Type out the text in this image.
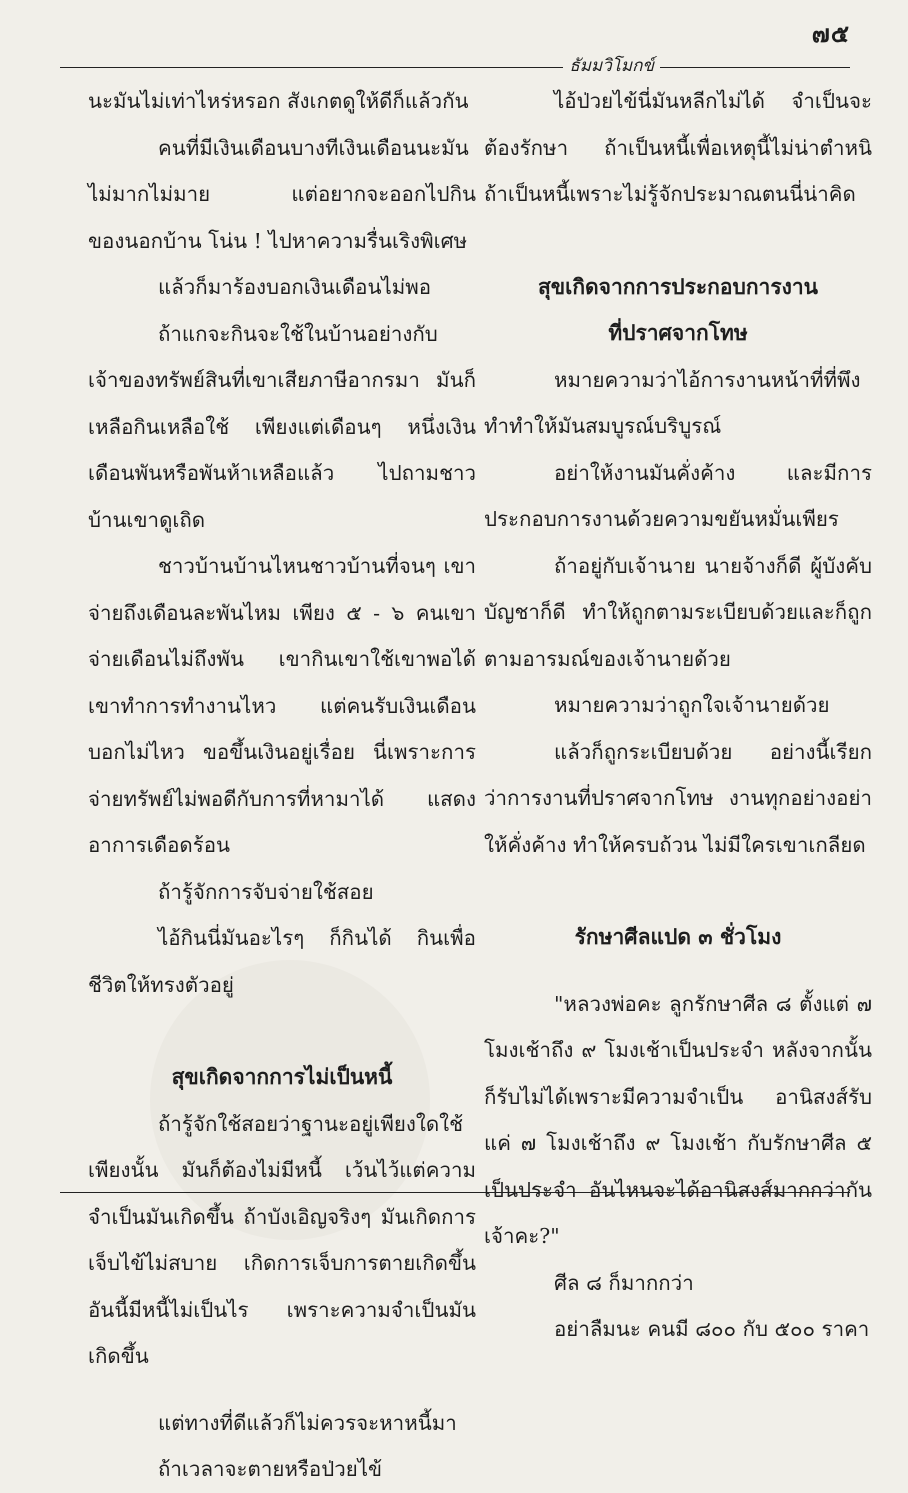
๗๕
ธัมมวิโมกข์

นะมันไม่เท่าไหร่หรอก สังเกตดูให้ดีก็แล้วกัน

คนที่มีเงินเดือนบางทีเงินเดือนนะมันไม่มากไม่มาย แต่อยากจะออกไปกินของนอกบ้าน โน่น ! ไปหาความรื่นเริงพิเศษ

แล้วก็มาร้องบอกเงินเดือนไม่พอ

ถ้าแกจะกินจะใช้ในบ้านอย่างกับเจ้าของทรัพย์สินที่เขาเสียภาษีอากรมา มันก็เหลือกินเหลือใช้ เพียงแต่เดือนๆ หนึ่งเงินเดือนพันหรือพันห้าเหลือแล้ว ไปถามชาวบ้านเขาดูเถิด

ชาวบ้านบ้านไหนชาวบ้านที่จนๆ เขาจ่ายถึงเดือนละพันไหม เพียง ๕ - ๖ คนเขาจ่ายเดือนไม่ถึงพัน เขากินเขาใช้เขาพอได้ เขาทำการทำงานไหว แต่คนรับเงินเดือนบอกไม่ไหว ขอขึ้นเงินอยู่เรื่อย นี่เพราะการจ่ายทรัพย์ไม่พอดีกับการที่หามาได้ แสดงอาการเดือดร้อน

ถ้ารู้จักการจับจ่ายใช้สอย

ไอ้กินนี่มันอะไรๆ ก็กินได้ กินเพื่อชีวิตให้ทรงตัวอยู่

สุขเกิดจากการไม่เป็นหนี้

ถ้ารู้จักใช้สอยว่าฐานะอยู่เพียงใดใช้เพียงนั้น มันก็ต้องไม่มีหนี้ เว้นไว้แต่ความจำเป็นมันเกิดขึ้น ถ้าบังเอิญจริงๆ มันเกิดการเจ็บไข้ไม่สบาย เกิดการเจ็บการตายเกิดขึ้น อันนี้มีหนี้ไม่เป็นไร เพราะความจำเป็นมันเกิดขึ้น

แต่ทางที่ดีแล้วก็ไม่ควรจะหาหนี้มา

ถ้าเวลาจะตายหรือป่วยไข้

ไอ้ป่วยไข้นี่มันหลีกไม่ได้ จำเป็นจะต้องรักษา ถ้าเป็นหนี้เพื่อเหตุนี้ไม่น่าตำหนิ ถ้าเป็นหนี้เพราะไม่รู้จักประมาณตนนี่น่าคิด

สุขเกิดจากการประกอบการงาน

ที่ปราศจากโทษ

หมายความว่าไอ้การงานหน้าที่ที่พึงทำทำให้มันสมบูรณ์บริบูรณ์

อย่าให้งานมันคั่งค้าง และมีการประกอบการงานด้วยความขยันหมั่นเพียร

ถ้าอยู่กับเจ้านาย นายจ้างก็ดี ผู้บังคับบัญชาก็ดี ทำให้ถูกตามระเบียบด้วยและก็ถูกตามอารมณ์ของเจ้านายด้วย

หมายความว่าถูกใจเจ้านายด้วย

แล้วก็ถูกระเบียบด้วย อย่างนี้เรียกว่าการงานที่ปราศจากโทษ งานทุกอย่างอย่าให้คั่งค้าง ทำให้ครบถ้วน ไม่มีใครเขาเกลียด

รักษาศีลแปด ๓ ชั่วโมง

"หลวงพ่อคะ ลูกรักษาศีล ๘ ตั้งแต่ ๗ โมงเช้าถึง ๙ โมงเช้าเป็นประจำ หลังจากนั้นก็รับไม่ได้เพราะมีความจำเป็น อานิสงส์รับแค่ ๗ โมงเช้าถึง ๙ โมงเช้า กับรักษาศีล ๕ เป็นประจำ อันไหนจะได้อานิสงส์มากกว่ากันเจ้าคะ?"

ศีล ๘ ก็มากกว่า

อย่าลืมนะ คนมี ๘๐๐ กับ ๕๐๐ ราคา
